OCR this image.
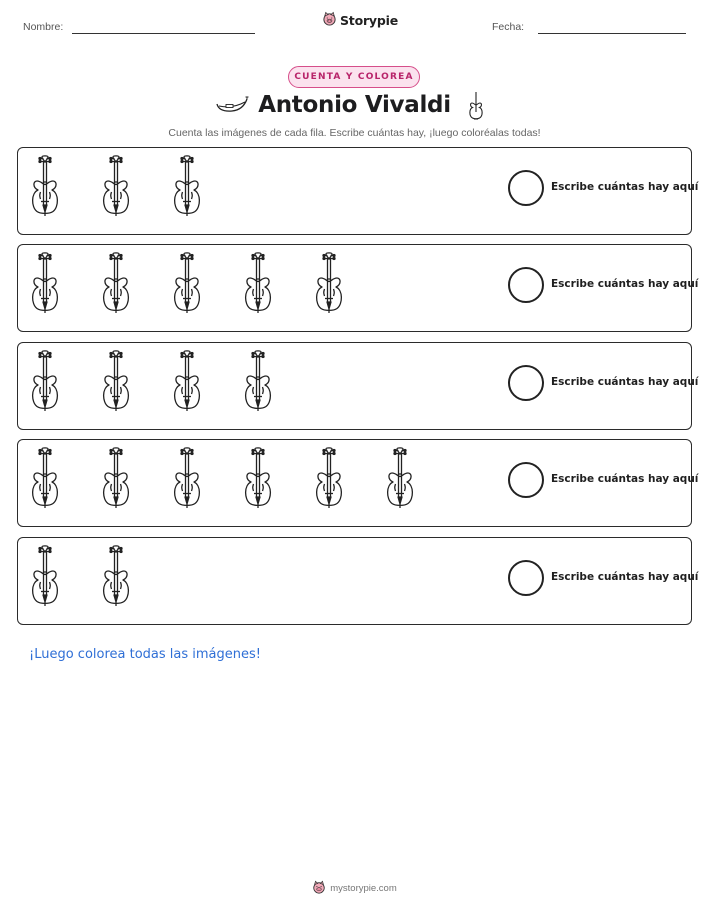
Nombre:	Storypie	Fecha:
CUENTA Y COLOREA
Antonio Vivaldi
Cuenta las imágenes de cada fila. Escribe cuántas hay, ¡luego coloréalas todas!
Escribe cuántas hay aquí
Escribe cuántas hay aquí
Escribe cuántas hay aquí
Escribe cuántas hay aquí
Escribe cuántas hay aquí
¡Luego colorea todas las imágenes!
mystorypie.com
